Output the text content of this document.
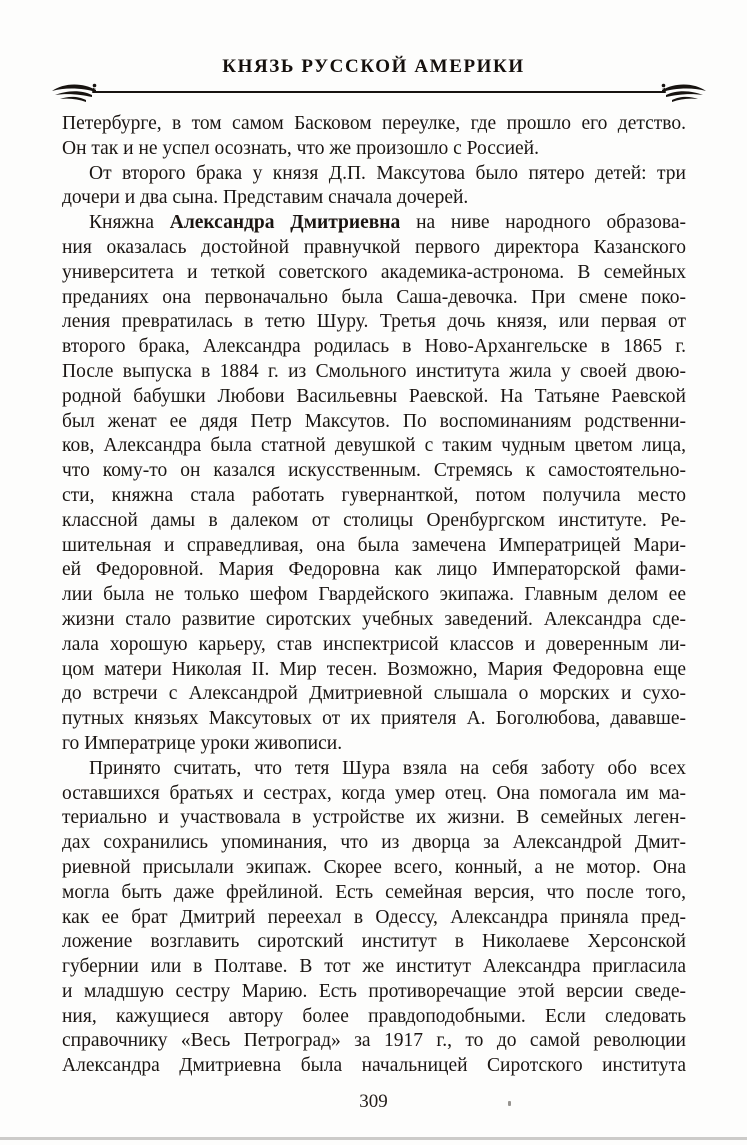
КНЯЗЬ РУССКОЙ АМЕРИКИ
Петербурге, в том самом Басковом переулке, где прошло его детство.
Он так и не успел осознать, что же произошло с Россией.
От второго брака у князя Д.П. Максутова было пятеро детей: три
дочери и два сына. Представим сначала дочерей.
Княжна Александра Дмитриевна на ниве народного образова-
ния оказалась достойной правнучкой первого директора Казанского
университета и теткой советского академика-астронома. В семейных
преданиях она первоначально была Саша-девочка. При смене поко-
ления превратилась в тетю Шуру. Третья дочь князя, или первая от
второго брака, Александра родилась в Ново-Архангельске в 1865 г.
После выпуска в 1884 г. из Смольного института жила у своей двою-
родной бабушки Любови Васильевны Раевской. На Татьяне Раевской
был женат ее дядя Петр Максутов. По воспоминаниям родственни-
ков, Александра была статной девушкой с таким чудным цветом лица,
что кому-то он казался искусственным. Стремясь к самостоятельно-
сти, княжна стала работать гувернанткой, потом получила место
классной дамы в далеком от столицы Оренбургском институте. Ре-
шительная и справедливая, она была замечена Императрицей Мари-
ей Федоровной. Мария Федоровна как лицо Императорской фами-
лии была не только шефом Гвардейского экипажа. Главным делом ее
жизни стало развитие сиротских учебных заведений. Александра сде-
лала хорошую карьеру, став инспектрисой классов и доверенным ли-
цом матери Николая II. Мир тесен. Возможно, Мария Федоровна еще
до встречи с Александрой Дмитриевной слышала о морских и сухо-
путных князьях Максутовых от их приятеля А. Боголюбова, дававше-
го Императрице уроки живописи.
Принято считать, что тетя Шура взяла на себя заботу обо всех
оставшихся братьях и сестрах, когда умер отец. Она помогала им ма-
териально и участвовала в устройстве их жизни. В семейных леген-
дах сохранились упоминания, что из дворца за Александрой Дмит-
риевной присылали экипаж. Скорее всего, конный, а не мотор. Она
могла быть даже фрейлиной. Есть семейная версия, что после того,
как ее брат Дмитрий переехал в Одессу, Александра приняла пред-
ложение возглавить сиротский институт в Николаеве Херсонской
губернии или в Полтаве. В тот же институт Александра пригласила
и младшую сестру Марию. Есть противоречащие этой версии сведе-
ния, кажущиеся автору более правдоподобными. Если следовать
справочнику «Весь Петроград» за 1917 г., то до самой революции
Александра Дмитриевна была начальницей Сиротского института
309
